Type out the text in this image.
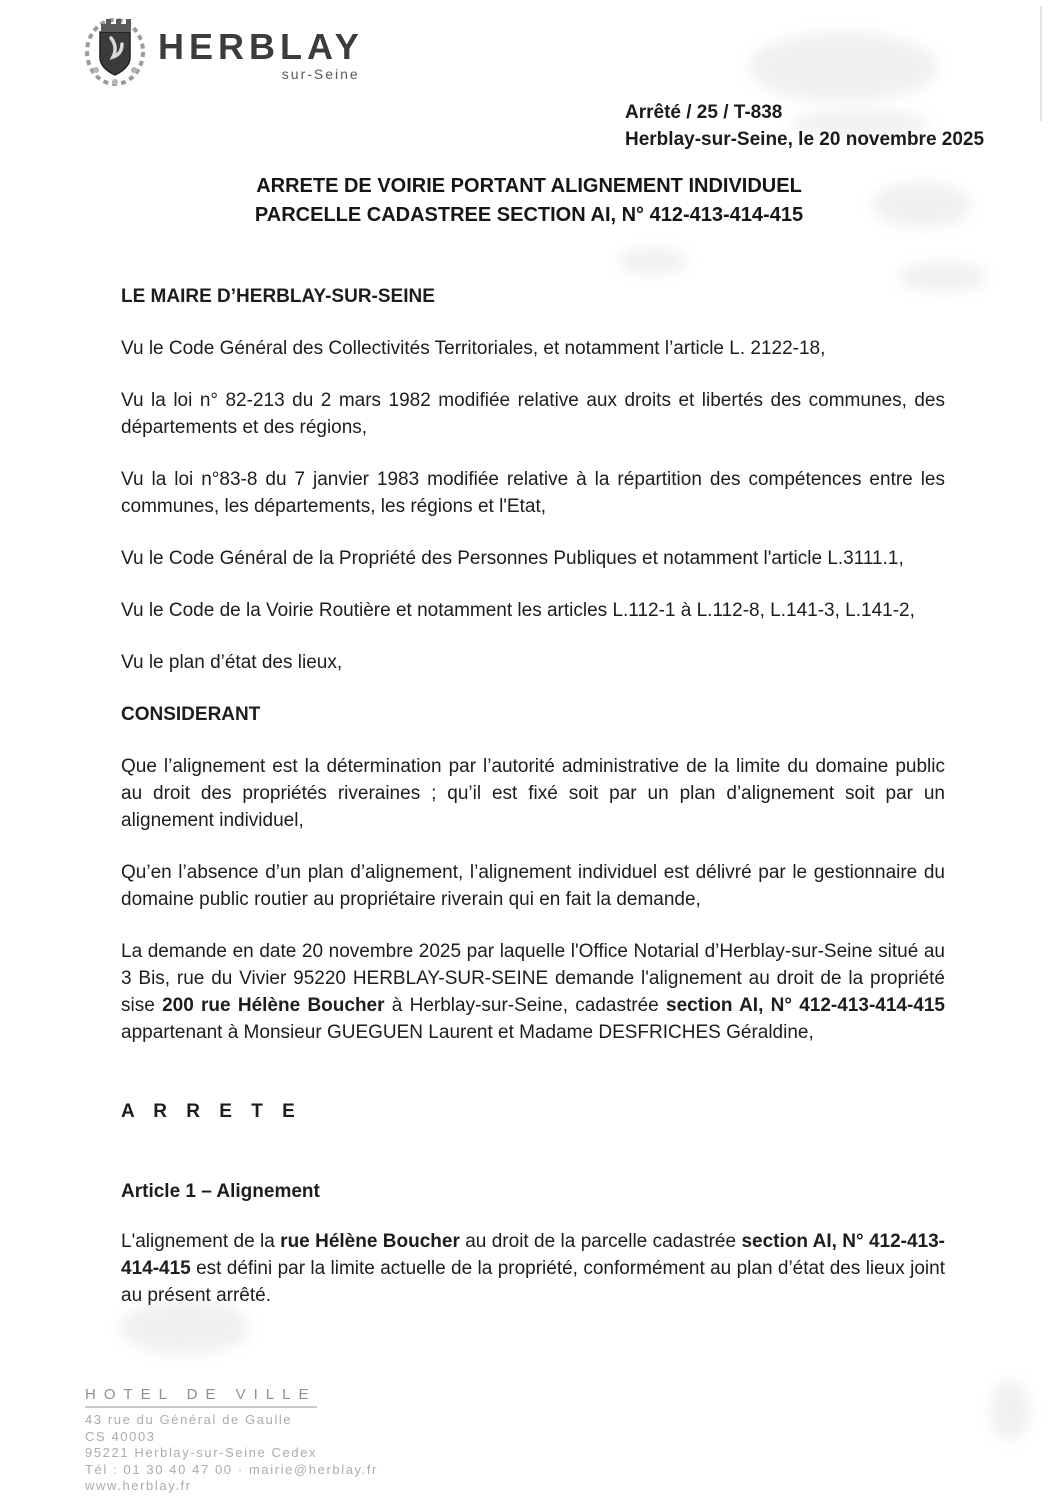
HERBLAY
sur-Seine
Arrêté / 25 / T-838
Herblay-sur-Seine, le 20 novembre 2025
ARRETE DE VOIRIE PORTANT ALIGNEMENT INDIVIDUEL
PARCELLE CADASTREE SECTION AI, N° 412-413-414-415

LE MAIRE D’HERBLAY-SUR-SEINE

Vu le Code Général des Collectivités Territoriales, et notamment l’article L. 2122-18,

Vu la loi n° 82-213 du 2 mars 1982 modifiée relative aux droits et libertés des communes, des départements et des régions,

Vu la loi n°83-8 du 7 janvier 1983 modifiée relative à la répartition des compétences entre les communes, les départements, les régions et l'Etat,

Vu le Code Général de la Propriété des Personnes Publiques et notamment l'article L.3111.1,

Vu le Code de la Voirie Routière et notamment les articles L.112-1 à L.112-8, L.141-3, L.141-2,

Vu le plan d’état des lieux,

CONSIDERANT

Que l’alignement est la détermination par l’autorité administrative de la limite du domaine public au droit des propriétés riveraines ; qu’il est fixé soit par un plan d’alignement soit par un alignement individuel,

Qu’en l’absence d’un plan d’alignement, l’alignement individuel est délivré par le gestionnaire du domaine public routier au propriétaire riverain qui en fait la demande,

La demande en date 20 novembre 2025 par laquelle l'Office Notarial d’Herblay-sur-Seine situé au 3 Bis, rue du Vivier 95220 HERBLAY-SUR-SEINE demande l'alignement au droit de la propriété sise 200 rue Hélène Boucher à Herblay-sur-Seine, cadastrée section AI, N° 412-413-414-415 appartenant à Monsieur GUEGUEN Laurent et Madame DESFRICHES Géraldine,

A R R E T E

Article 1 – Alignement

L'alignement de la rue Hélène Boucher au droit de la parcelle cadastrée section AI, N° 412-413-414-415 est défini par la limite actuelle de la propriété, conformément au plan d’état des lieux joint au présent arrêté.

HOTEL DE VILLE
43 rue du Général de Gaulle
CS 40003
95221 Herblay-sur-Seine Cedex
Tél : 01 30 40 47 00 · mairie@herblay.fr
www.herblay.fr
